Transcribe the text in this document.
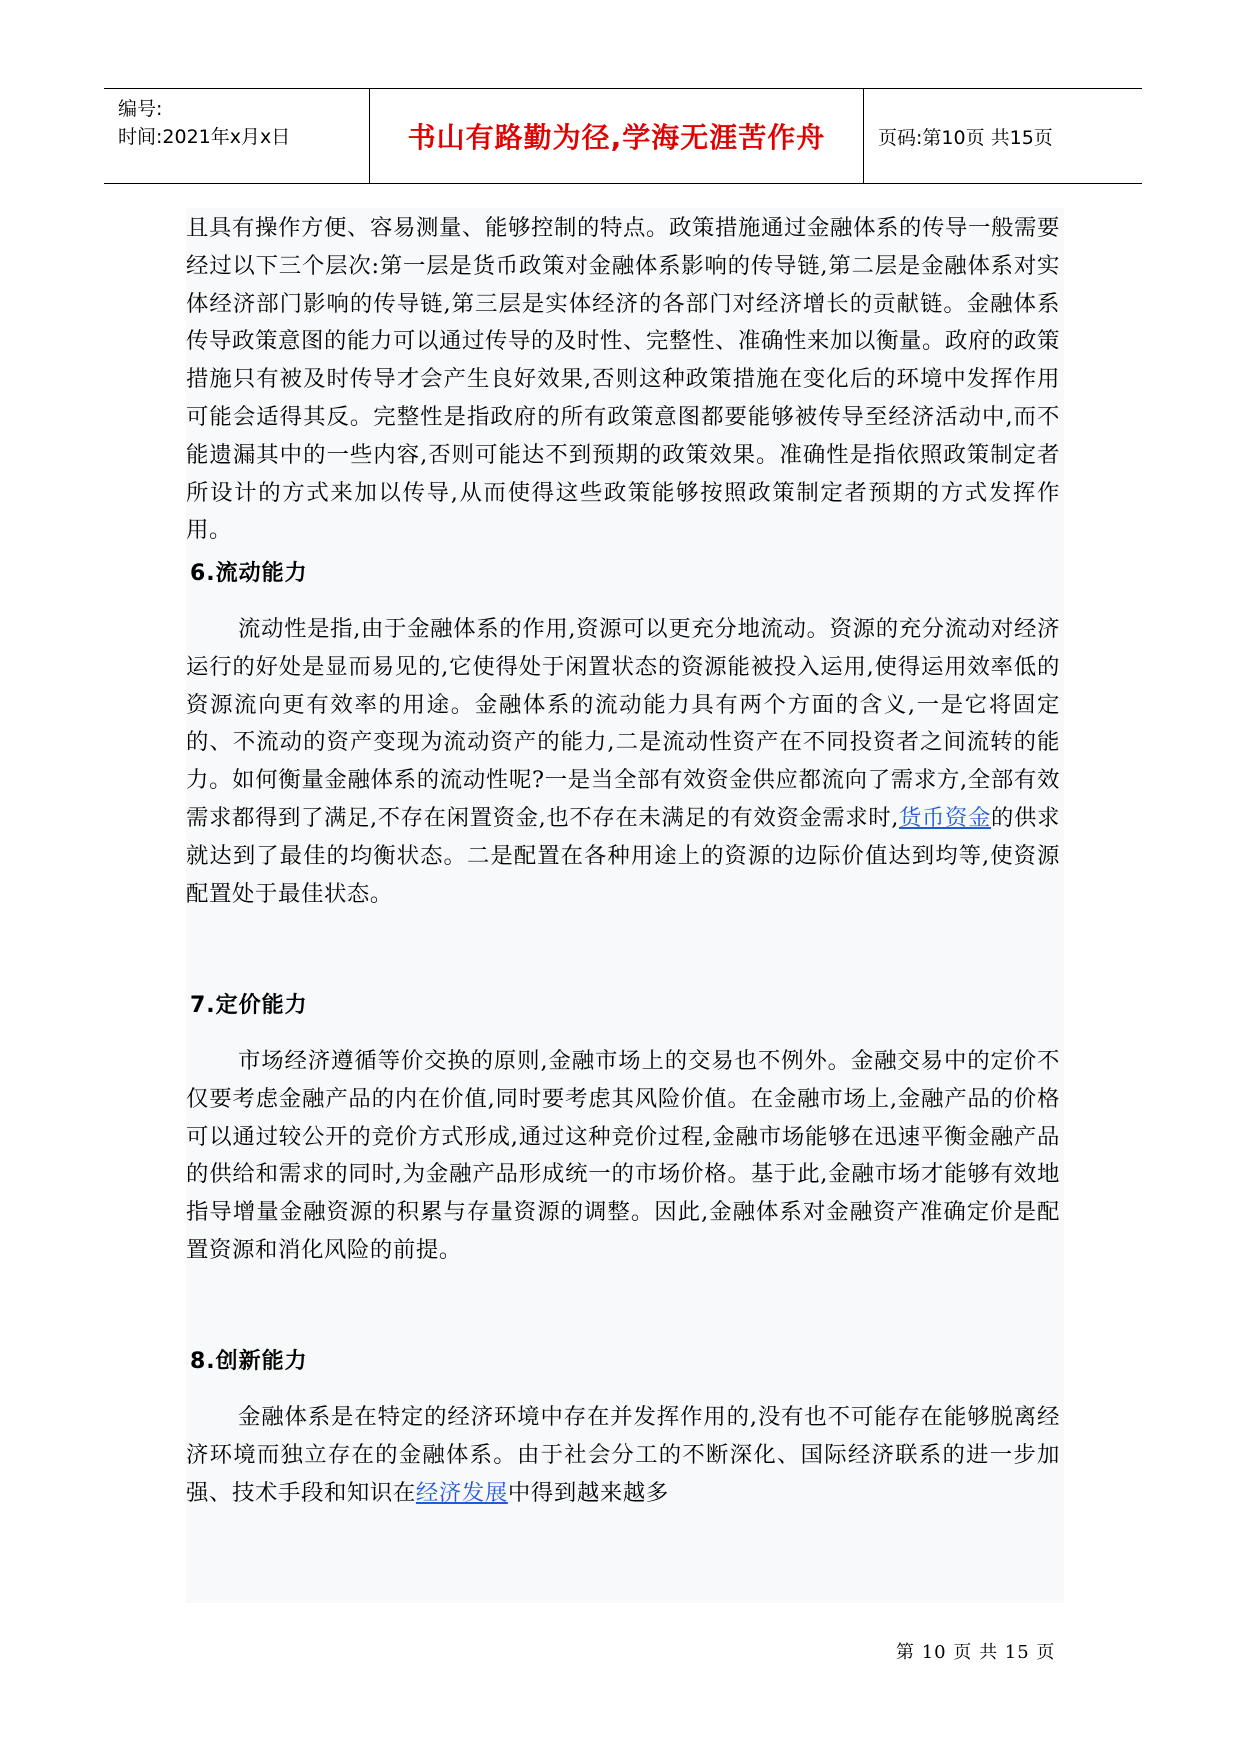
编号:
时间:2021年x月x日	书山有路勤为径,学海无涯苦作舟	页码:第10页 共15页

且具有操作方便、容易测量、能够控制的特点。政策措施通过金融体系的传导一般需要经过以下三个层次:第一层是货币政策对金融体系影响的传导链,第二层是金融体系对实体经济部门影响的传导链,第三层是实体经济的各部门对经济增长的贡献链。金融体系传导政策意图的能力可以通过传导的及时性、完整性、准确性来加以衡量。政府的政策措施只有被及时传导才会产生良好效果,否则这种政策措施在变化后的环境中发挥作用可能会适得其反。完整性是指政府的所有政策意图都要能够被传导至经济活动中,而不能遗漏其中的一些内容,否则可能达不到预期的政策效果。准确性是指依照政策制定者所设计的方式来加以传导,从而使得这些政策能够按照政策制定者预期的方式发挥作用。

6.流动能力

流动性是指,由于金融体系的作用,资源可以更充分地流动。资源的充分流动对经济运行的好处是显而易见的,它使得处于闲置状态的资源能被投入运用,使得运用效率低的资源流向更有效率的用途。金融体系的流动能力具有两个方面的含义,一是它将固定的、不流动的资产变现为流动资产的能力,二是流动性资产在不同投资者之间流转的能力。如何衡量金融体系的流动性呢?一是当全部有效资金供应都流向了需求方,全部有效需求都得到了满足,不存在闲置资金,也不存在未满足的有效资金需求时,货币资金的供求就达到了最佳的均衡状态。二是配置在各种用途上的资源的边际价值达到均等,使资源配置处于最佳状态。

7.定价能力

市场经济遵循等价交换的原则,金融市场上的交易也不例外。金融交易中的定价不仅要考虑金融产品的内在价值,同时要考虑其风险价值。在金融市场上,金融产品的价格可以通过较公开的竞价方式形成,通过这种竞价过程,金融市场能够在迅速平衡金融产品的供给和需求的同时,为金融产品形成统一的市场价格。基于此,金融市场才能够有效地指导增量金融资源的积累与存量资源的调整。因此,金融体系对金融资产准确定价是配置资源和消化风险的前提。

8.创新能力

金融体系是在特定的经济环境中存在并发挥作用的,没有也不可能存在能够脱离经济环境而独立存在的金融体系。由于社会分工的不断深化、国际经济联系的进一步加强、技术手段和知识在经济发展中得到越来越多

第 10 页 共 15 页
